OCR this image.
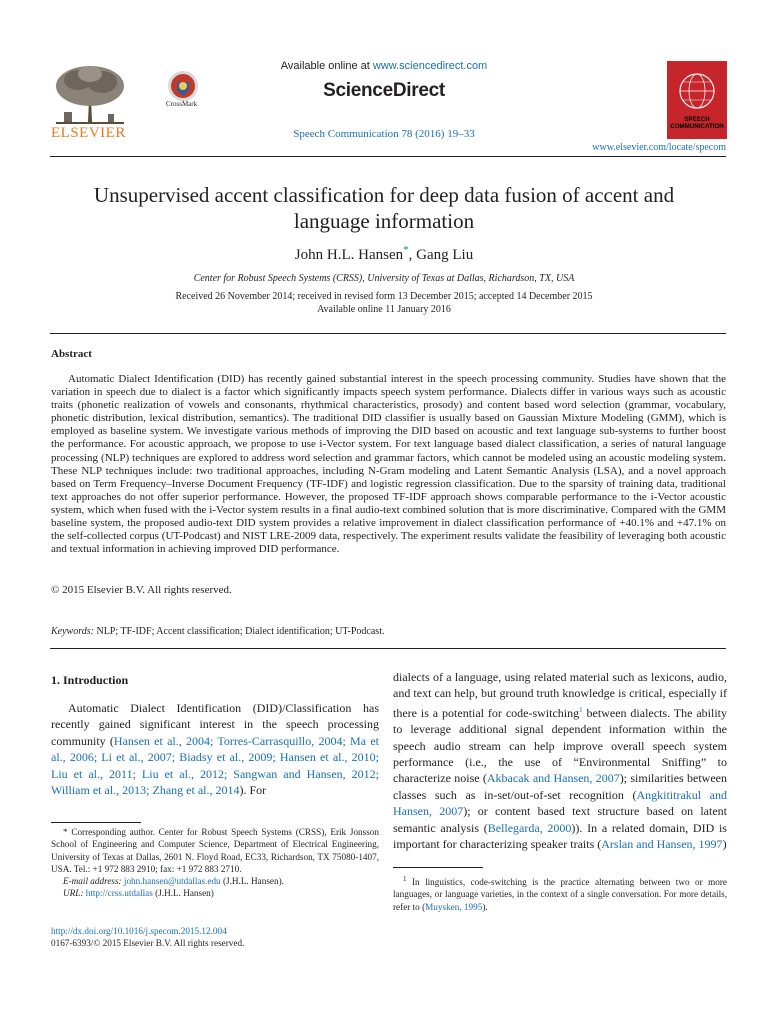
ELSEVIER
CrossMark
Available online at www.sciencedirect.com
ScienceDirect
Speech Communication 78 (2016) 19–33
SPEECH
COMMUNICATION
www.elsevier.com/locate/specom
Unsupervised accent classification for deep data fusion of accent and language information
John H.L. Hansen*, Gang Liu
Center for Robust Speech Systems (CRSS), University of Texas at Dallas, Richardson, TX, USA
Received 26 November 2014; received in revised form 13 December 2015; accepted 14 December 2015
Available online 11 January 2016
Abstract
Automatic Dialect Identification (DID) has recently gained substantial interest in the speech processing community. Studies have shown that the variation in speech due to dialect is a factor which significantly impacts speech system performance. Dialects differ in various ways such as acoustic traits (phonetic realization of vowels and consonants, rhythmical characteristics, prosody) and content based word selection (grammar, vocabulary, phonetic distribution, lexical distribution, semantics). The traditional DID classifier is usually based on Gaussian Mixture Modeling (GMM), which is employed as baseline system. We investigate various methods of improving the DID based on acoustic and text language sub-systems to further boost the performance. For acoustic approach, we propose to use i-Vector system. For text language based dialect classification, a series of natural language processing (NLP) techniques are explored to address word selection and grammar factors, which cannot be modeled using an acoustic modeling system. These NLP techniques include: two traditional approaches, including N-Gram modeling and Latent Semantic Analysis (LSA), and a novel approach based on Term Frequency–Inverse Document Frequency (TF-IDF) and logistic regression classification. Due to the sparsity of training data, traditional text approaches do not offer superior performance. However, the proposed TF-IDF approach shows comparable performance to the i-Vector acoustic system, which when fused with the i-Vector system results in a final audio-text combined solution that is more discriminative. Compared with the GMM baseline system, the proposed audio-text DID system provides a relative improvement in dialect classification performance of +40.1% and +47.1% on the self-collected corpus (UT-Podcast) and NIST LRE-2009 data, respectively. The experiment results validate the feasibility of leveraging both acoustic and textual information in achieving improved DID performance.
© 2015 Elsevier B.V. All rights reserved.
Keywords: NLP; TF-IDF; Accent classification; Dialect identification; UT-Podcast.
1. Introduction
Automatic Dialect Identification (DID)/Classification has recently gained significant interest in the speech processing community (Hansen et al., 2004; Torres-Carrasquillo, 2004; Ma et al., 2006; Li et al., 2007; Biadsy et al., 2009; Hansen et al., 2010; Liu et al., 2011; Liu et al., 2012; Sangwan and Hansen, 2012; William et al., 2013; Zhang et al., 2014). For

* Corresponding author. Center for Robust Speech Systems (CRSS), Erik Jonsson School of Engineering and Computer Science, Department of Electrical Engineering, University of Texas at Dallas, 2601 N. Floyd Road, EC33, Richardson, TX 75080-1407, USA. Tel.: +1 972 883 2910; fax: +1 972 883 2710.

E-mail address: john.hansen@utdallas.edu (J.H.L. Hansen).

URL: http://crss.utdallas (J.H.L. Hansen)

http://dx.doi.org/10.1016/j.specom.2015.12.004
0167-6393/© 2015 Elsevier B.V. All rights reserved.
dialects of a language, using related material such as lexicons, audio, and text can help, but ground truth knowledge is critical, especially if there is a potential for code-switching$^1$ between dialects. The ability to leverage additional signal dependent information within the speech audio stream can help improve overall speech system performance (i.e., the use of “Environmental Sniffing” to characterize noise (Akbacak and Hansen, 2007); similarities between classes such as in-set/out-of-set recognition (Angkititrakul and Hansen, 2007); or content based text structure based on latent semantic analysis (Bellegarda, 2000)). In a related domain, DID is important for characterizing speaker traits (Arslan and Hansen, 1997)
$^1$ In linguistics, code-switching is the practice alternating between two or more languages, or language varieties, in the context of a single conversation. For more details, refer to (Muysken, 1995).
